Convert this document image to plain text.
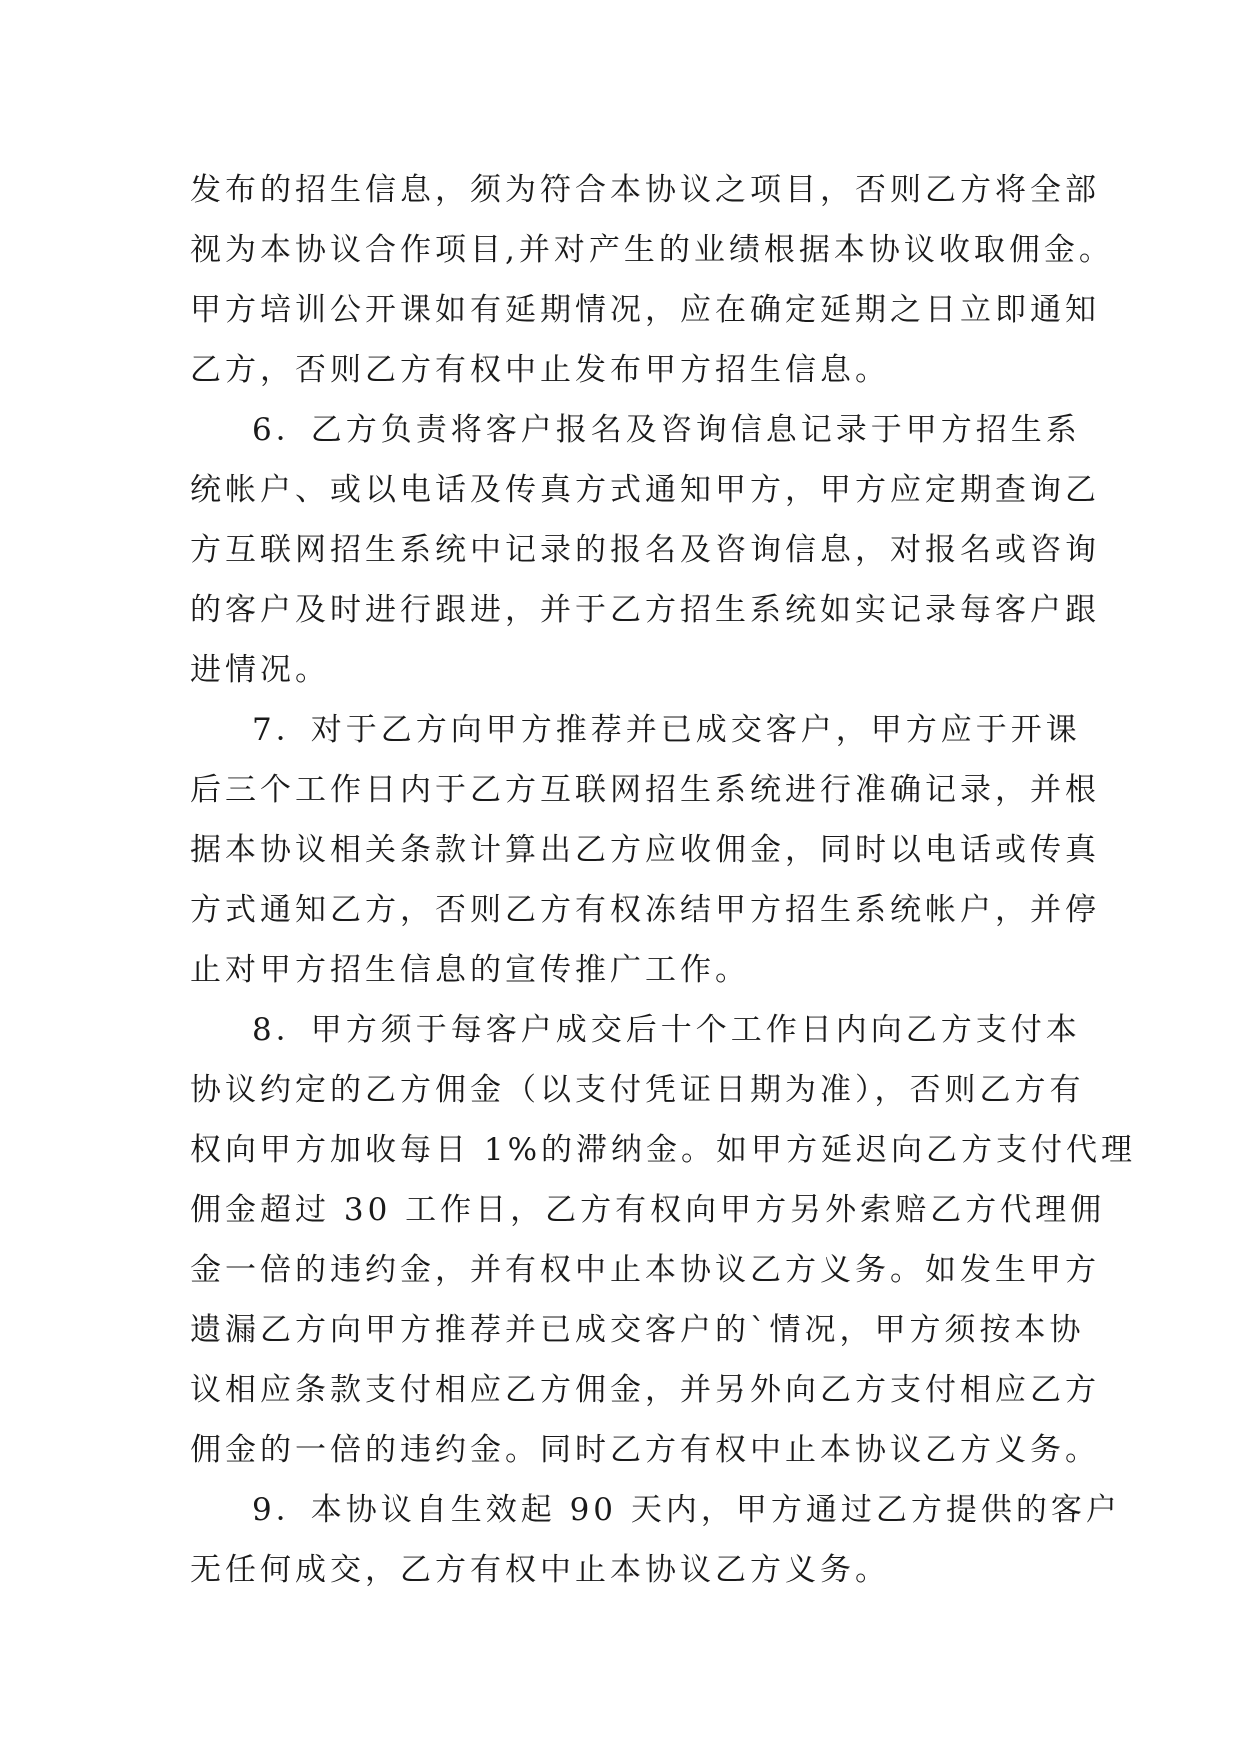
发布的招生信息，须为符合本协议之项目，否则乙方将全部
视为本协议合作项目,并对产生的业绩根据本协议收取佣金。
甲方培训公开课如有延期情况，应在确定延期之日立即通知
乙方，否则乙方有权中止发布甲方招生信息。
6．乙方负责将客户报名及咨询信息记录于甲方招生系
统帐户、或以电话及传真方式通知甲方，甲方应定期查询乙
方互联网招生系统中记录的报名及咨询信息，对报名或咨询
的客户及时进行跟进，并于乙方招生系统如实记录每客户跟
进情况。
7．对于乙方向甲方推荐并已成交客户，甲方应于开课
后三个工作日内于乙方互联网招生系统进行准确记录，并根
据本协议相关条款计算出乙方应收佣金，同时以电话或传真
方式通知乙方，否则乙方有权冻结甲方招生系统帐户，并停
止对甲方招生信息的宣传推广工作。
8．甲方须于每客户成交后十个工作日内向乙方支付本
协议约定的乙方佣金（以支付凭证日期为准），否则乙方有
权向甲方加收每日 1%的滞纳金。如甲方延迟向乙方支付代理
佣金超过 30 工作日，乙方有权向甲方另外索赔乙方代理佣
金一倍的违约金，并有权中止本协议乙方义务。如发生甲方
遗漏乙方向甲方推荐并已成交客户的`情况，甲方须按本协
议相应条款支付相应乙方佣金，并另外向乙方支付相应乙方
佣金的一倍的违约金。同时乙方有权中止本协议乙方义务。
9．本协议自生效起 90 天内，甲方通过乙方提供的客户
无任何成交，乙方有权中止本协议乙方义务。
